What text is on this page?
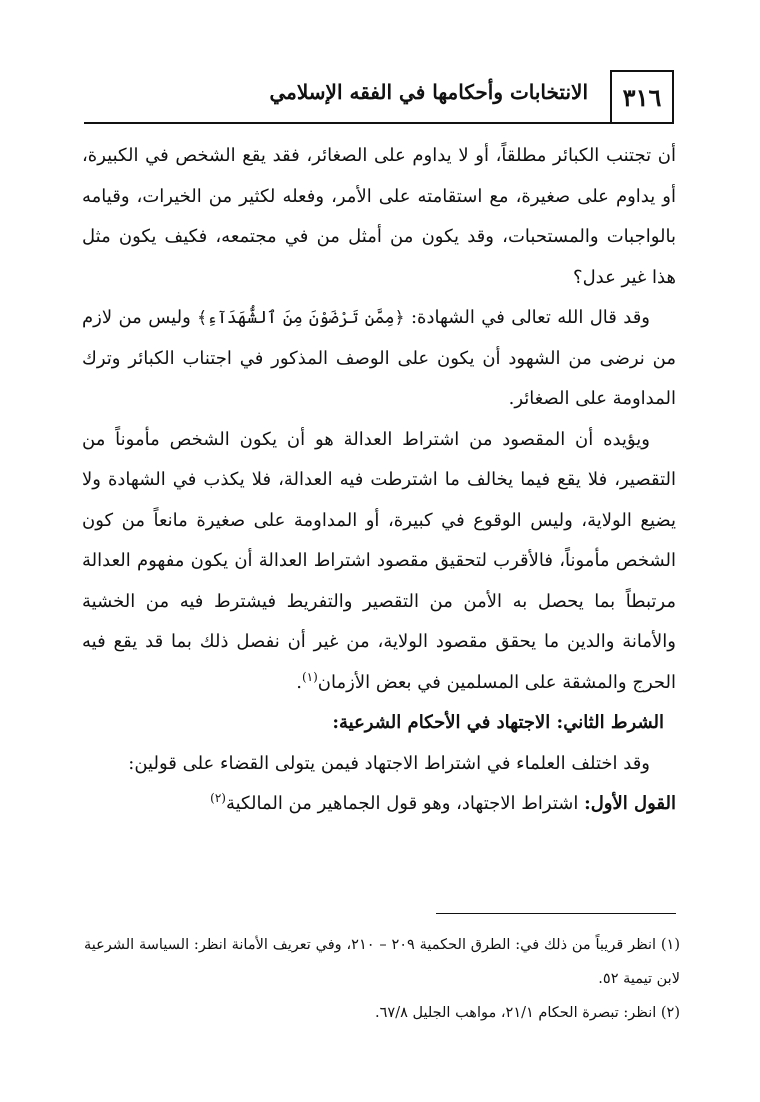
٣١٦
الانتخابات وأحكامها في الفقه الإسلامي

أن تجتنب الكبائر مطلقاً، أو لا يداوم على الصغائر، فقد يقع الشخص في الكبيرة، أو يداوم على صغيرة، مع استقامته على الأمر، وفعله لكثير من الخيرات، وقيامه بالواجبات والمستحبات، وقد يكون من أمثل من في مجتمعه، فكيف يكون مثل هذا غير عدل؟

وقد قال الله تعالى في الشهادة: ﴿مِمَّن تَرْضَوْنَ مِنَ ٱلشُّهَدَآءِ﴾ وليس من لازم من نرضى من الشهود أن يكون على الوصف المذكور في اجتناب الكبائر وترك المداومة على الصغائر.

ويؤيده أن المقصود من اشتراط العدالة هو أن يكون الشخص مأموناً من التقصير، فلا يقع فيما يخالف ما اشترطت فيه العدالة، فلا يكذب في الشهادة ولا يضيع الولاية، وليس الوقوع في كبيرة، أو المداومة على صغيرة مانعاً من كون الشخص مأموناً، فالأقرب لتحقيق مقصود اشتراط العدالة أن يكون مفهوم العدالة مرتبطاً بما يحصل به الأمن من التقصير والتفريط فيشترط فيه من الخشية والأمانة والدين ما يحقق مقصود الولاية، من غير أن نفصل ذلك بما قد يقع فيه الحرج والمشقة على المسلمين في بعض الأزمان$^{(١)}$.

الشرط الثاني: الاجتهاد في الأحكام الشرعية:

وقد اختلف العلماء في اشتراط الاجتهاد فيمن يتولى القضاء على قولين:

القول الأول: اشتراط الاجتهاد، وهو قول الجماهير من المالكية$^{(٢)}$

(١) انظر قريباً من ذلك في: الطرق الحكمية ٢٠٩ – ٢١٠، وفي تعريف الأمانة انظر: السياسة الشرعية لابن تيمية ٥٢.

(٢) انظر: تبصرة الحكام ٢١/١، مواهب الجليل ٦٧/٨.
